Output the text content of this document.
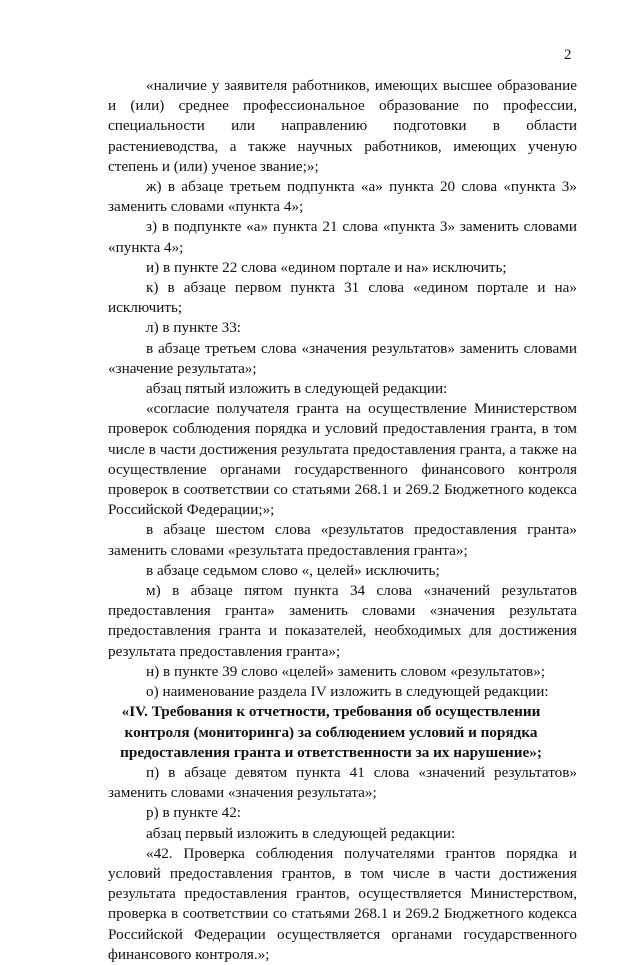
2

«наличие у заявителя работников, имеющих высшее образование и (или) среднее профессиональное образование по профессии, специальности или направлению подготовки в области растениеводства, а также научных работников, имеющих ученую степень и (или) ученое звание;»;

ж) в абзаце третьем подпункта «а» пункта 20 слова «пункта 3» заменить словами «пункта 4»;

з) в подпункте «а» пункта 21 слова «пункта 3» заменить словами «пункта 4»;

и) в пункте 22 слова «едином портале и на» исключить;

к) в абзаце первом пункта 31 слова «едином портале и на» исключить;

л) в пункте 33:

в абзаце третьем слова «значения результатов» заменить словами «значение результата»;

абзац пятый изложить в следующей редакции:

«согласие получателя гранта на осуществление Министерством проверок соблюдения порядка и условий предоставления гранта, в том числе в части достижения результата предоставления гранта, а также на осуществление органами государственного финансового контроля проверок в соответствии со статьями 268.1 и 269.2 Бюджетного кодекса Российской Федерации;»;

в абзаце шестом слова «результатов предоставления гранта» заменить словами «результата предоставления гранта»;

в абзаце седьмом слово «, целей» исключить;

м) в абзаце пятом пункта 34 слова «значений результатов предоставления гранта» заменить словами «значения результата предоставления гранта и показателей, необходимых для достижения результата предоставления гранта»;

н) в пункте 39 слово «целей» заменить словом «результатов»;

о) наименование раздела IV изложить в следующей редакции:

«IV. Требования к отчетности, требования об осуществлении контроля (мониторинга) за соблюдением условий и порядка предоставления гранта и ответственности за их нарушение»;

п) в абзаце девятом пункта 41 слова «значений результатов» заменить словами «значения результата»;

р) в пункте 42:

абзац первый изложить в следующей редакции:

«42. Проверка соблюдения получателями грантов порядка и условий предоставления грантов, в том числе в части достижения результата предоставления грантов, осуществляется Министерством, проверка в соответствии со статьями 268.1 и 269.2 Бюджетного кодекса Российской Федерации осуществляется органами государственного финансового контроля.»;
